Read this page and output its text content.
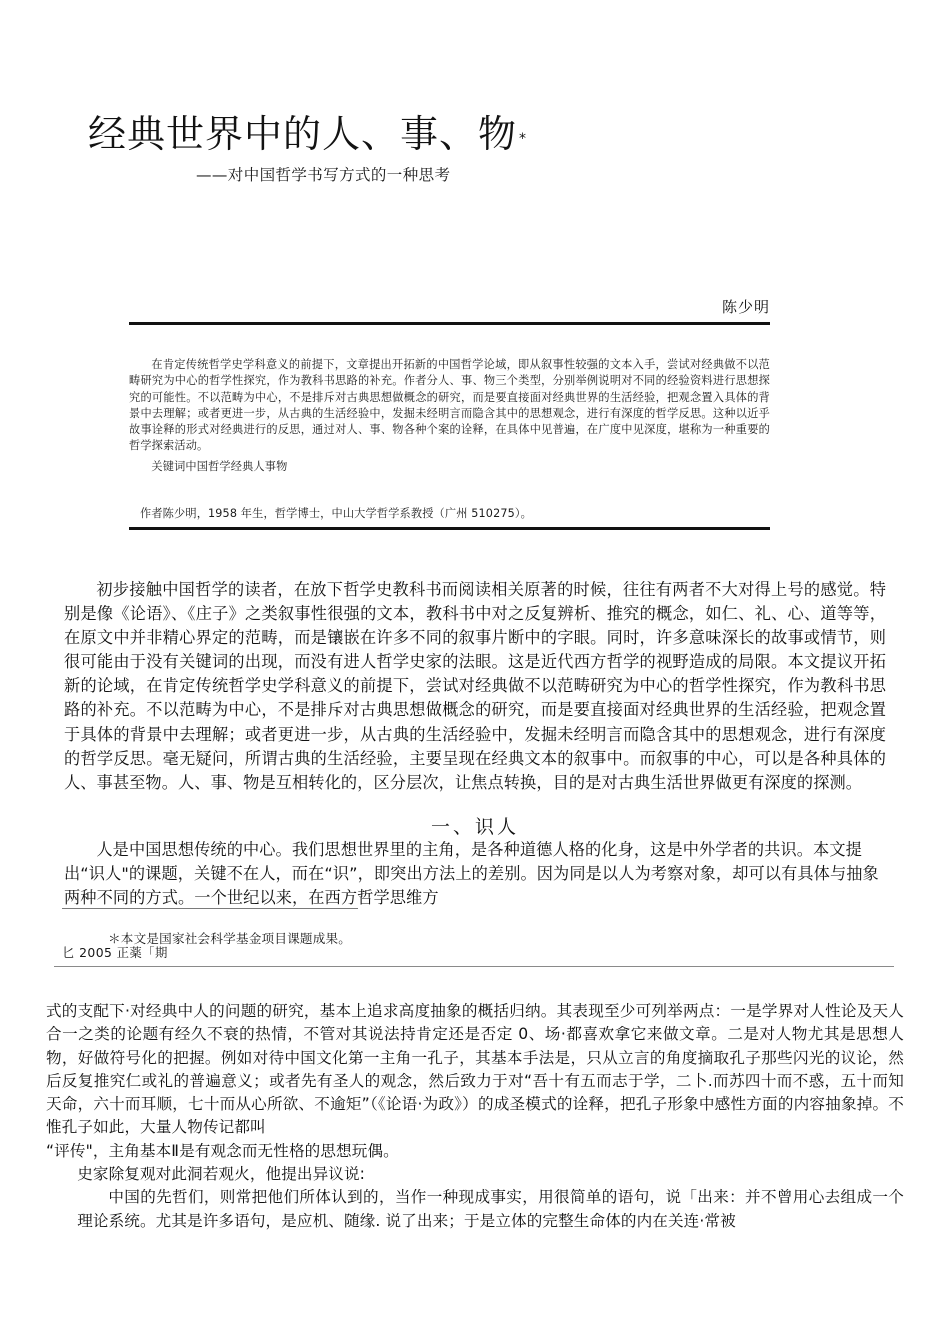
经典世界中的人、事、物 *
——对中国哲学书写方式的一种思考
陈少明

在肯定传统哲学史学科意义的前提下，文章提出开拓新的中国哲学论域，即从叙事性较强的文本入手，尝试对经典做不以范畴研究为中心的哲学性探究，作为教科书思路的补充。作者分人、事、物三个类型，分别举例说明对不同的经验资料进行思想探究的可能性。不以范畴为中心，不是排斥对古典思想做概念的研究，而是要直接面对经典世界的生活经验，把观念置入具体的背景中去理解；或者更进一步，从古典的生活经验中，发掘未经明言而隐含其中的思想观念，进行有深度的哲学反思。这种以近乎故事诠释的形式对经典进行的反思，通过对人、事、物各种个案的诠释，在具体中见普遍，在广度中见深度，堪称为一种重要的哲学探索活动。

关键词中国哲学经典人事物

作者陈少明，1958 年生，哲学博士，中山大学哲学系教授（广州 510275）。

初步接触中国哲学的读者，在放下哲学史教科书而阅读相关原著的时候，往往有两者不大对得上号的感觉。特别是像《论语》、《庄子》之类叙事性很强的文本，教科书中对之反复辨析、推究的概念，如仁、礼、心、道等等，在原文中并非精心界定的范畴，而是镶嵌在许多不同的叙事片断中的字眼。同时，许多意味深长的故事或情节，则很可能由于没有关键词的出现，而没有进人哲学史家的法眼。这是近代西方哲学的视野造成的局限。本文提议开拓新的论域，在肯定传统哲学史学科意义的前提下，尝试对经典做不以范畴研究为中心的哲学性探究，作为教科书思路的补充。不以范畴为中心，不是排斥对古典思想做概念的研究，而是要直接面对经典世界的生活经验，把观念置于具体的背景中去理解；或者更进一步，从古典的生活经验中，发掘未经明言而隐含其中的思想观念，进行有深度的哲学反思。毫无疑问，所谓古典的生活经验，主要呈现在经典文本的叙事中。而叙事的中心，可以是各种具体的人、事甚至物。人、事、物是互相转化的，区分层次，让焦点转换，目的是对古典生活世界做更有深度的探测。

一、识人

人是中国思想传统的中心。我们思想世界里的主角，是各种道德人格的化身，这是中外学者的共识。本文提出“识人"的课题，关键不在人，而在“识”，即突出方法上的差别。因为同是以人为考察对象，却可以有具体与抽象两种不同的方式。一个世纪以来，在西方哲学思维方

＊本文是国家社会科学基金项目课题成果。
匕 2005 正薬「期

式的支配下·对经典中人的问题的研究，基本上追求高度抽象的概括归纳。其表现至少可列举两点：一是学界对人性论及天人合一之类的论题有经久不衰的热情，不管对其说法持肯定还是否定 0、场·都喜欢拿它来做文章。二是对人物尤其是思想人物，好做符号化的把握。例如对待中国文化第一主角一孔子，其基本手法是，只从立言的角度摘取孔子那些闪光的议论，然后反复推究仁或礼的普遍意义；或者先有圣人的观念，然后致力于对“吾十有五而志于学，二卜.而苏四十而不惑，五十而知天命，六十而耳顺，七十而从心所欲、不逾矩”（《论语·为政》）的成圣模式的诠释，把孔子形象中感性方面的内容抽象掉。不惟孔子如此，大量人物传记都叫

“评传"，主角基本Ⅱ是有观念而无性格的思想玩偶。

史家除复观对此洞若观火，他提出异议说:

中国的先哲们，则常把他们所体认到的，当作一种现成事实，用很简单的语句，说「出来：并不曾用心去组成一个理论系统。尤其是许多语句，是应机、随缘. 说了出来；于是立体的完整生命体的内在关连·常被
